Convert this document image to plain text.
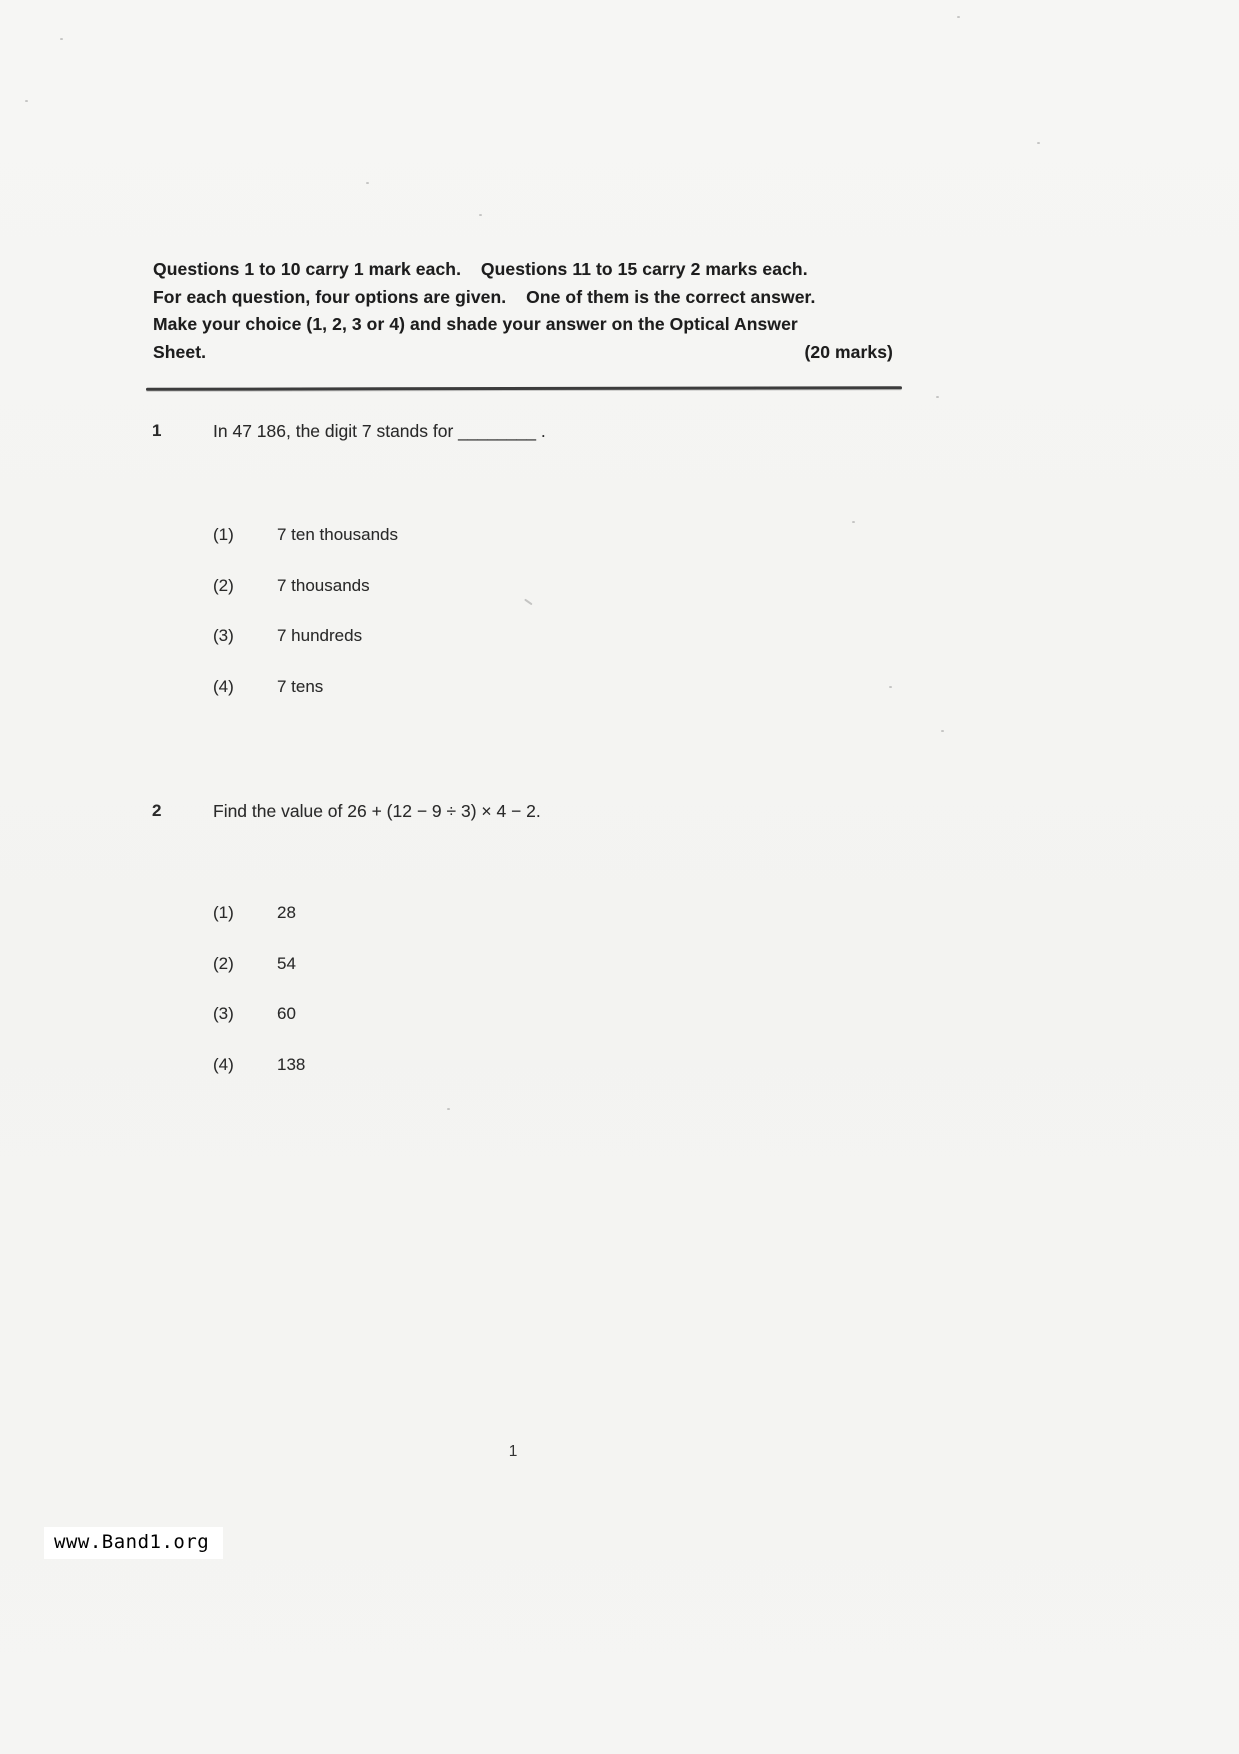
Questions 1 to 10 carry 1 mark each.    Questions 11 to 15 carry 2 marks each.
For each question, four options are given.    One of them is the correct answer.
Make your choice (1, 2, 3 or 4) and shade your answer on the Optical Answer
Sheet.	(20 marks)
1	In 47 186, the digit 7 stands for ________ .
(1)	7 ten thousands
(2)	7 thousands
(3)	7 hundreds
(4)	7 tens
2	Find the value of 26 + (12 − 9 ÷ 3) × 4 − 2.
(1)	28
(2)	54
(3)	60
(4)	138
1
www.Band1.org
